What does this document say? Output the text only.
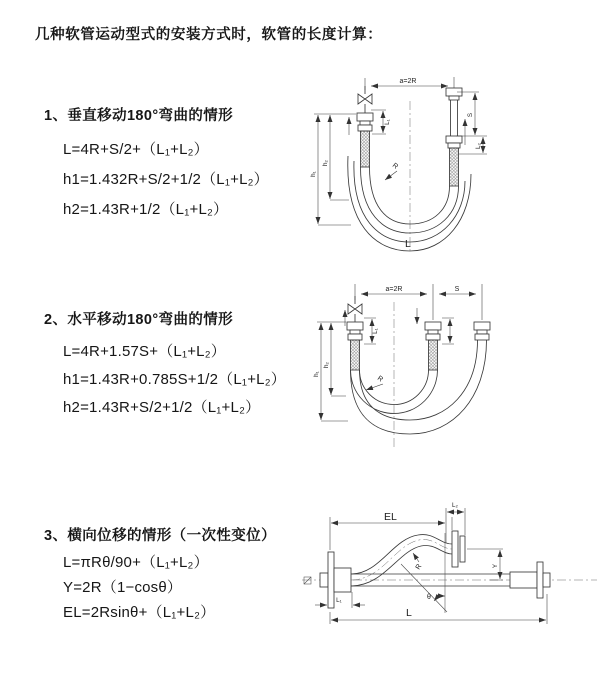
几种软管运动型式的安装方式时，软管的长度计算：
1、垂直移动180°弯曲的情形
L=4R+S/2+（L₁+L₂）
h1=1.432R+S/2+1/2（L₁+L₂）
h2=1.43R+1/2（L₁+L₂）
a=2R
R
L
h₁
h₂
L₁
S
L₂
2、水平移动180°弯曲的情形
L=4R+1.57S+（L₁+L₂）
h1=1.43R+0.785S+1/2（L₁+L₂）
h2=1.43R+S/2+1/2（L₁+L₂）
a=2R	S
h₁
h₂
L₁
R
3、横向位移的情形（一次性变位）
L=πRθ/90+（L₁+L₂）
Y=2R（1−cosθ）
EL=2Rsinθ+（L₁+L₂）
θ
R
EL
L₂
Y
L
L₁
